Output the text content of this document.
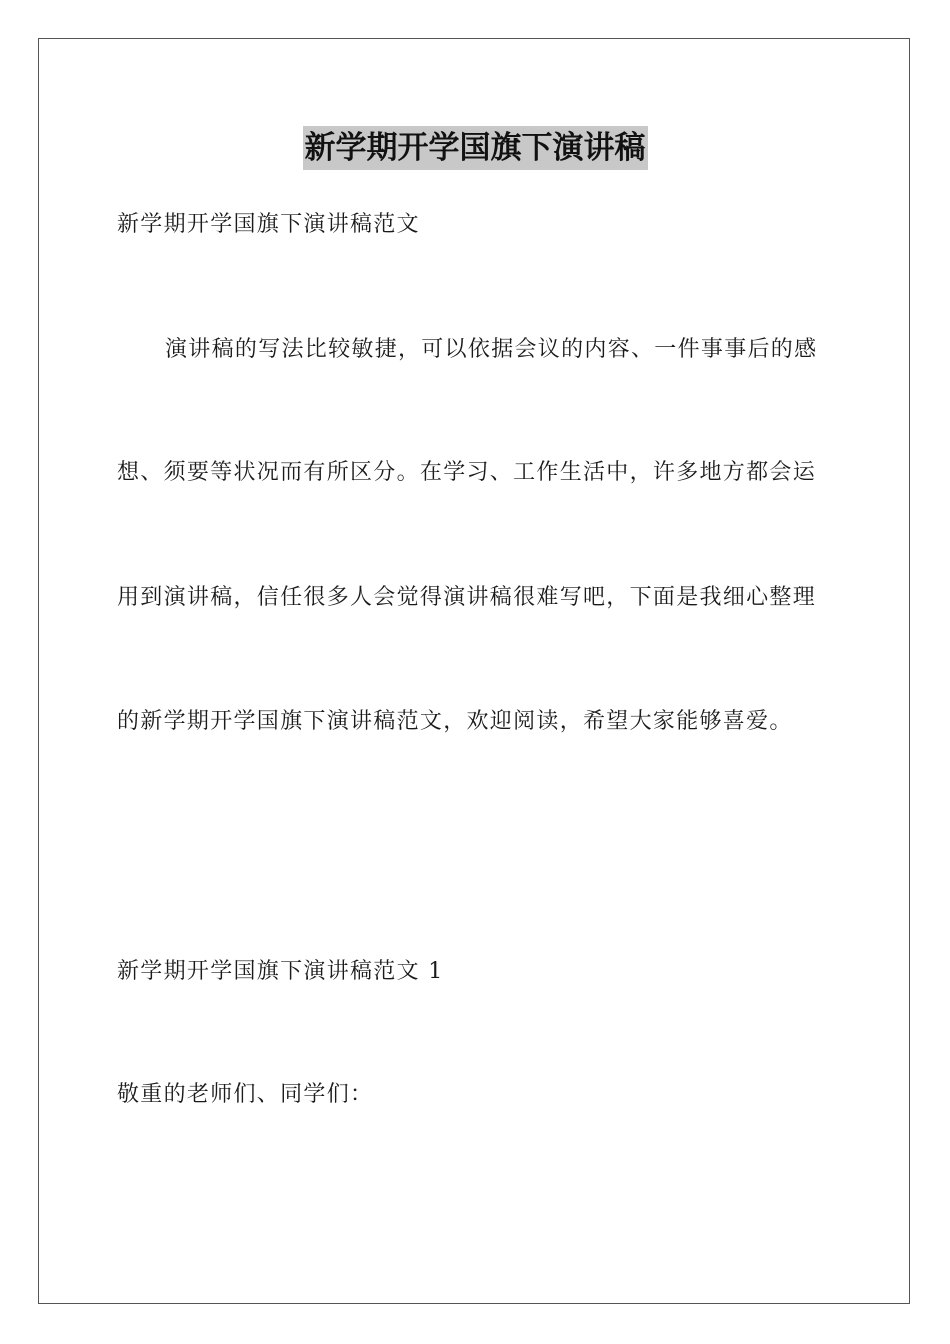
新学期开学国旗下演讲稿
新学期开学国旗下演讲稿范文
演讲稿的写法比较敏捷，可以依据会议的内容、一件事事后的感
想、须要等状况而有所区分。在学习、工作生活中，许多地方都会运
用到演讲稿，信任很多人会觉得演讲稿很难写吧，下面是我细心整理
的新学期开学国旗下演讲稿范文，欢迎阅读，希望大家能够喜爱。
新学期开学国旗下演讲稿范文 1
敬重的老师们、同学们：
